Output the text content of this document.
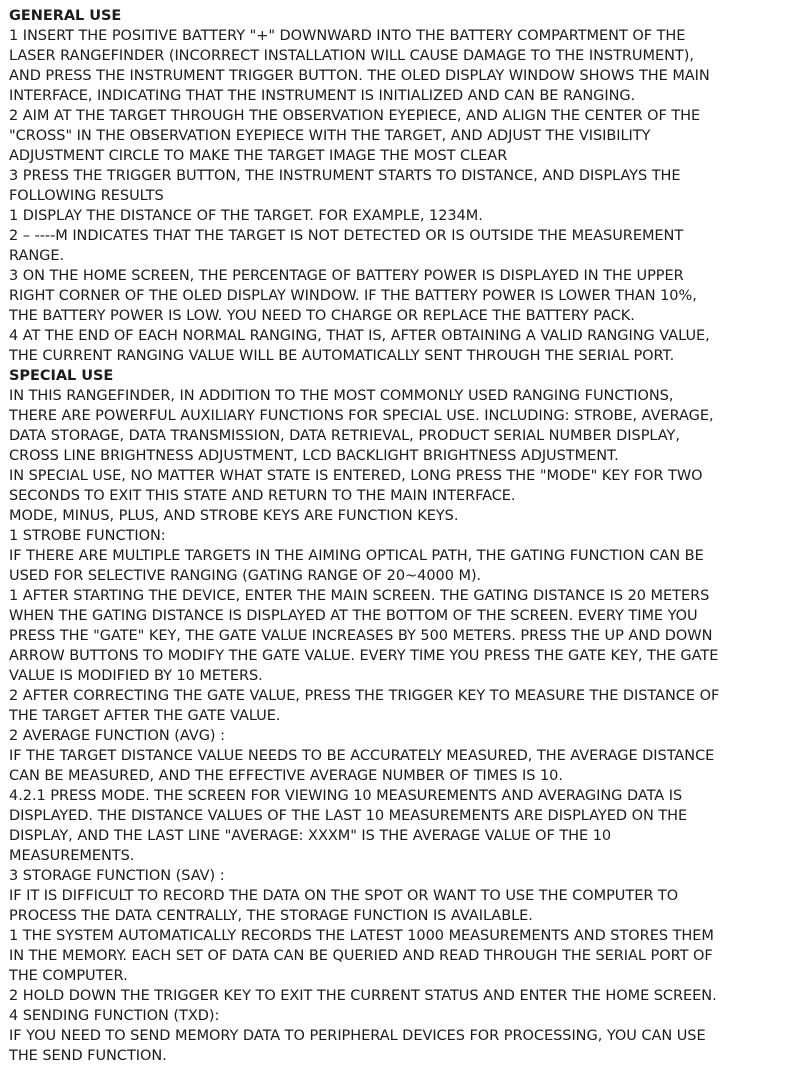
GENERAL USE
1 INSERT THE POSITIVE BATTERY "+" DOWNWARD INTO THE BATTERY COMPARTMENT OF THE
LASER RANGEFINDER (INCORRECT INSTALLATION WILL CAUSE DAMAGE TO THE INSTRUMENT),
AND PRESS THE INSTRUMENT TRIGGER BUTTON. THE OLED DISPLAY WINDOW SHOWS THE MAIN
INTERFACE, INDICATING THAT THE INSTRUMENT IS INITIALIZED AND CAN BE RANGING.
2 AIM AT THE TARGET THROUGH THE OBSERVATION EYEPIECE, AND ALIGN THE CENTER OF THE
"CROSS" IN THE OBSERVATION EYEPIECE WITH THE TARGET, AND ADJUST THE VISIBILITY
ADJUSTMENT CIRCLE TO MAKE THE TARGET IMAGE THE MOST CLEAR
3 PRESS THE TRIGGER BUTTON, THE INSTRUMENT STARTS TO DISTANCE, AND DISPLAYS THE
FOLLOWING RESULTS
1 DISPLAY THE DISTANCE OF THE TARGET. FOR EXAMPLE, 1234M.
2 – ----M INDICATES THAT THE TARGET IS NOT DETECTED OR IS OUTSIDE THE MEASUREMENT
RANGE.
3 ON THE HOME SCREEN, THE PERCENTAGE OF BATTERY POWER IS DISPLAYED IN THE UPPER
RIGHT CORNER OF THE OLED DISPLAY WINDOW. IF THE BATTERY POWER IS LOWER THAN 10%,
THE BATTERY POWER IS LOW. YOU NEED TO CHARGE OR REPLACE THE BATTERY PACK.
4 AT THE END OF EACH NORMAL RANGING, THAT IS, AFTER OBTAINING A VALID RANGING VALUE,
THE CURRENT RANGING VALUE WILL BE AUTOMATICALLY SENT THROUGH THE SERIAL PORT.
SPECIAL USE
IN THIS RANGEFINDER, IN ADDITION TO THE MOST COMMONLY USED RANGING FUNCTIONS,
THERE ARE POWERFUL AUXILIARY FUNCTIONS FOR SPECIAL USE. INCLUDING: STROBE, AVERAGE,
DATA STORAGE, DATA TRANSMISSION, DATA RETRIEVAL, PRODUCT SERIAL NUMBER DISPLAY,
CROSS LINE BRIGHTNESS ADJUSTMENT, LCD BACKLIGHT BRIGHTNESS ADJUSTMENT.
IN SPECIAL USE, NO MATTER WHAT STATE IS ENTERED, LONG PRESS THE "MODE" KEY FOR TWO
SECONDS TO EXIT THIS STATE AND RETURN TO THE MAIN INTERFACE.
MODE, MINUS, PLUS, AND STROBE KEYS ARE FUNCTION KEYS.
1 STROBE FUNCTION:
IF THERE ARE MULTIPLE TARGETS IN THE AIMING OPTICAL PATH, THE GATING FUNCTION CAN BE
USED FOR SELECTIVE RANGING (GATING RANGE OF 20~4000 M).
1 AFTER STARTING THE DEVICE, ENTER THE MAIN SCREEN. THE GATING DISTANCE IS 20 METERS
WHEN THE GATING DISTANCE IS DISPLAYED AT THE BOTTOM OF THE SCREEN. EVERY TIME YOU
PRESS THE "GATE" KEY, THE GATE VALUE INCREASES BY 500 METERS. PRESS THE UP AND DOWN
ARROW BUTTONS TO MODIFY THE GATE VALUE. EVERY TIME YOU PRESS THE GATE KEY, THE GATE
VALUE IS MODIFIED BY 10 METERS.
2 AFTER CORRECTING THE GATE VALUE, PRESS THE TRIGGER KEY TO MEASURE THE DISTANCE OF
THE TARGET AFTER THE GATE VALUE.
2 AVERAGE FUNCTION (AVG) :
IF THE TARGET DISTANCE VALUE NEEDS TO BE ACCURATELY MEASURED, THE AVERAGE DISTANCE
CAN BE MEASURED, AND THE EFFECTIVE AVERAGE NUMBER OF TIMES IS 10.
4.2.1 PRESS MODE. THE SCREEN FOR VIEWING 10 MEASUREMENTS AND AVERAGING DATA IS
DISPLAYED. THE DISTANCE VALUES OF THE LAST 10 MEASUREMENTS ARE DISPLAYED ON THE
DISPLAY, AND THE LAST LINE "AVERAGE: XXXM" IS THE AVERAGE VALUE OF THE 10
MEASUREMENTS.
3 STORAGE FUNCTION (SAV) :
IF IT IS DIFFICULT TO RECORD THE DATA ON THE SPOT OR WANT TO USE THE COMPUTER TO
PROCESS THE DATA CENTRALLY, THE STORAGE FUNCTION IS AVAILABLE.
1 THE SYSTEM AUTOMATICALLY RECORDS THE LATEST 1000 MEASUREMENTS AND STORES THEM
IN THE MEMORY. EACH SET OF DATA CAN BE QUERIED AND READ THROUGH THE SERIAL PORT OF
THE COMPUTER.
2 HOLD DOWN THE TRIGGER KEY TO EXIT THE CURRENT STATUS AND ENTER THE HOME SCREEN.
4 SENDING FUNCTION (TXD):
IF YOU NEED TO SEND MEMORY DATA TO PERIPHERAL DEVICES FOR PROCESSING, YOU CAN USE
THE SEND FUNCTION.
